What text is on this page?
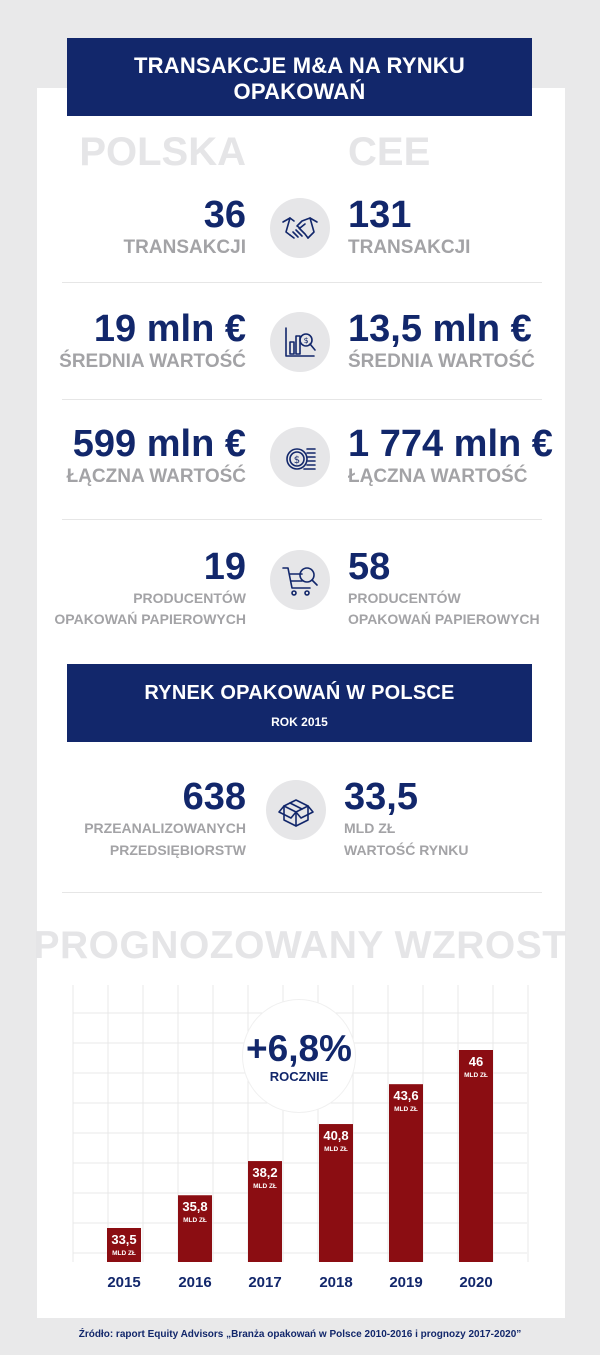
TRANSAKCJE M&A NA RYNKU OPAKOWAŃ
W LATACH 2010-2016
POLSKA	CEE
36
TRANSAKCJI
131
TRANSAKCJI
19 mln €
ŚREDNIA WARTOŚĆ
$ 13,5 mln €
ŚREDNIA WARTOŚĆ
599 mln €
ŁĄCZNA WARTOŚĆ
$ 1 774 mln €
ŁĄCZNA WARTOŚĆ
19
PRODUCENTÓW
OPAKOWAŃ PAPIEROWYCH
58
PRODUCENTÓW
OPAKOWAŃ PAPIEROWYCH
RYNEK OPAKOWAŃ W POLSCE
ROK 2015
638
PRZEANALIZOWANYCH
PRZEDSIĘBIORSTW
33,5
MLD ZŁ
WARTOŚĆ RYNKU
PROGNOZOWANY WZROST
33,5
MLD ZŁ
2015
35,8
MLD ZŁ
2016
38,2
MLD ZŁ
2017
40,8
MLD ZŁ
2018
43,6
MLD ZŁ
2019
46
MLD ZŁ
2020
+6,8%
ROCZNIE
Źródło: raport Equity Advisors „Branża opakowań w Polsce 2010-2016 i prognozy 2017-2020”
